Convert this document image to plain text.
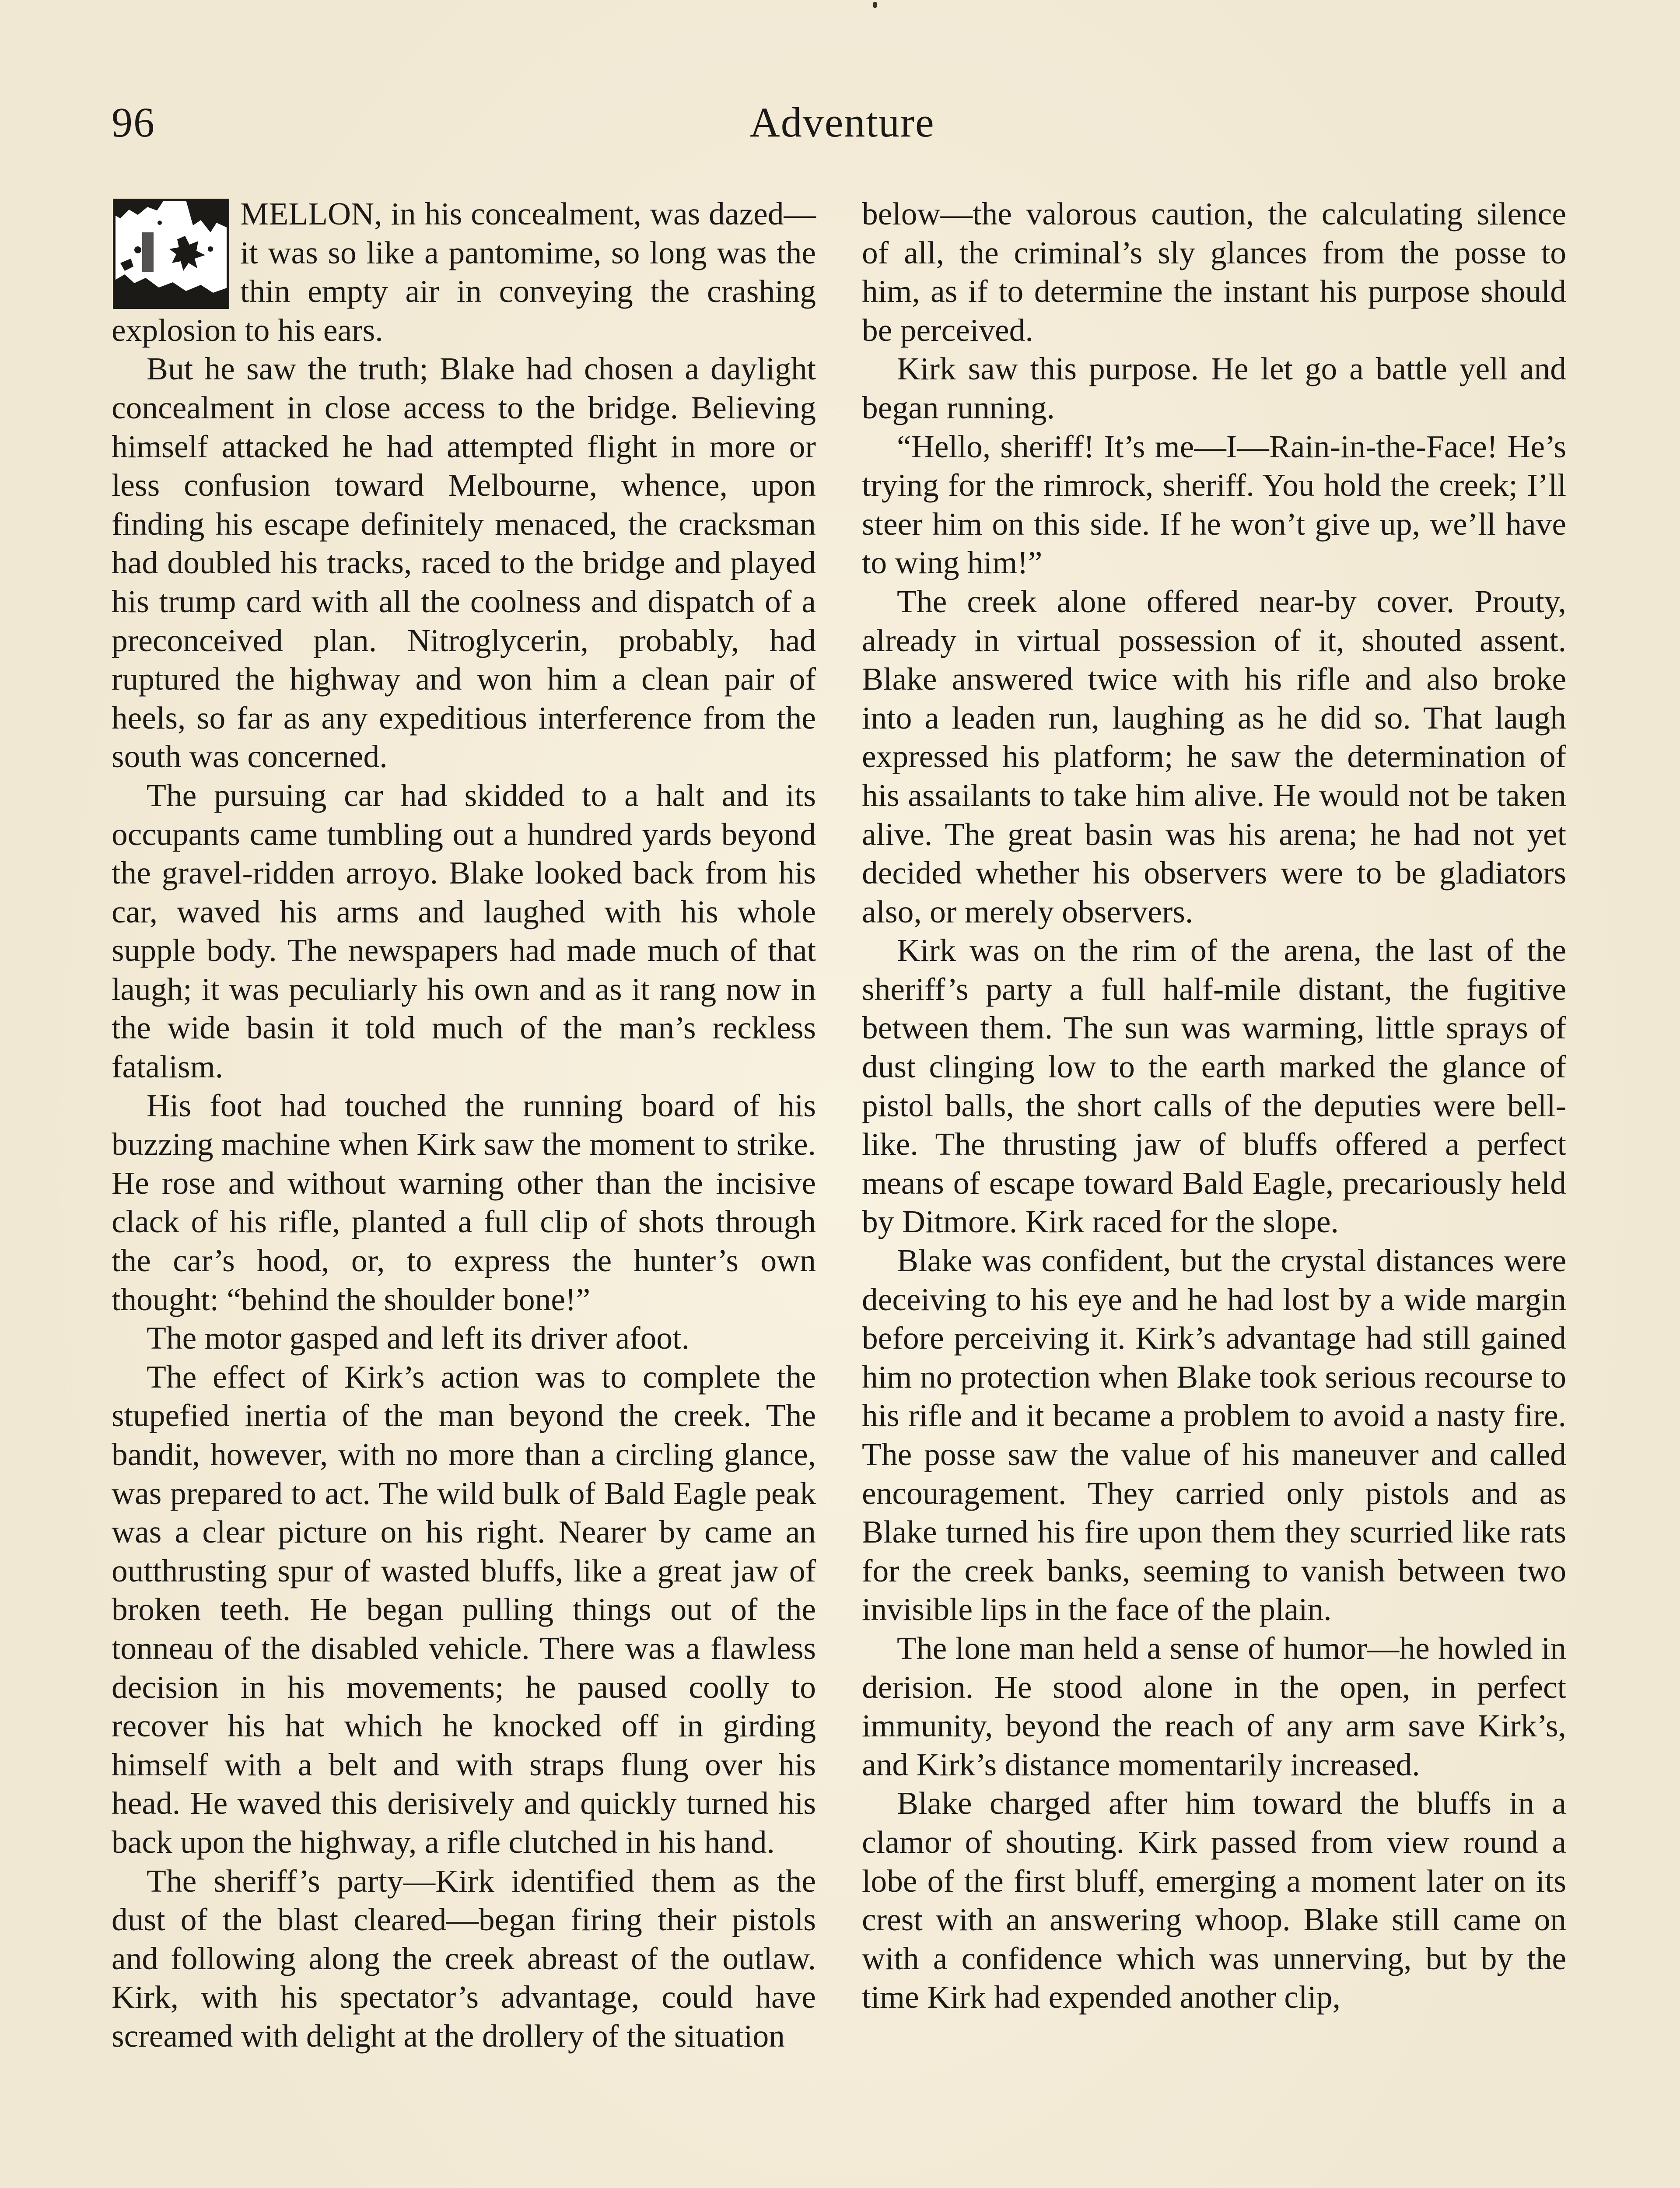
96	Adventure

MELLON, in his concealment, was dazed—it was so like a pantomime, so long was the thin empty air in conveying the crashing explosion to his ears.

But he saw the truth; Blake had chosen a daylight concealment in close access to the bridge. Believing himself attacked he had attempted flight in more or less confusion toward Melbourne, whence, upon finding his escape definitely menaced, the cracksman had doubled his tracks, raced to the bridge and played his trump card with all the coolness and dispatch of a preconceived plan. Nitroglycerin, probably, had ruptured the highway and won him a clean pair of heels, so far as any expeditious interference from the south was concerned.

The pursuing car had skidded to a halt and its occupants came tumbling out a hundred yards beyond the gravel-ridden arroyo. Blake looked back from his car, waved his arms and laughed with his whole supple body. The newspapers had made much of that laugh; it was peculiarly his own and as it rang now in the wide basin it told much of the man’s reckless fatalism.

His foot had touched the running board of his buzzing machine when Kirk saw the moment to strike. He rose and without warning other than the incisive clack of his rifle, planted a full clip of shots through the car’s hood, or, to express the hunter’s own thought: “behind the shoulder bone!”

The motor gasped and left its driver afoot.

The effect of Kirk’s action was to complete the stupefied inertia of the man beyond the creek. The bandit, however, with no more than a circling glance, was prepared to act. The wild bulk of Bald Eagle peak was a clear picture on his right. Nearer by came an outthrusting spur of wasted bluffs, like a great jaw of broken teeth. He began pulling things out of the tonneau of the disabled vehicle. There was a flawless decision in his movements; he paused coolly to recover his hat which he knocked off in girding himself with a belt and with straps flung over his head. He waved this derisively and quickly turned his back upon the highway, a rifle clutched in his hand.

The sheriff’s party—Kirk identified them as the dust of the blast cleared—began firing their pistols and following along the creek abreast of the outlaw. Kirk, with his spectator’s advantage, could have screamed with delight at the drollery of the situation

below—the valorous caution, the calculating silence of all, the criminal’s sly glances from the posse to him, as if to determine the instant his purpose should be perceived.

Kirk saw this purpose. He let go a battle yell and began running.

“Hello, sheriff! It’s me—I—Rain-in-the-Face! He’s trying for the rimrock, sheriff. You hold the creek; I’ll steer him on this side. If he won’t give up, we’ll have to wing him!”

The creek alone offered near-by cover. Prouty, already in virtual possession of it, shouted assent. Blake answered twice with his rifle and also broke into a leaden run, laughing as he did so. That laugh expressed his platform; he saw the determination of his assailants to take him alive. He would not be taken alive. The great basin was his arena; he had not yet decided whether his observers were to be gladiators also, or merely observers.

Kirk was on the rim of the arena, the last of the sheriff’s party a full half-mile distant, the fugitive between them. The sun was warming, little sprays of dust clinging low to the earth marked the glance of pistol balls, the short calls of the deputies were bell-like. The thrusting jaw of bluffs offered a perfect means of escape toward Bald Eagle, precariously held by Ditmore. Kirk raced for the slope.

Blake was confident, but the crystal distances were deceiving to his eye and he had lost by a wide margin before perceiving it. Kirk’s advantage had still gained him no protection when Blake took serious recourse to his rifle and it became a problem to avoid a nasty fire. The posse saw the value of his maneuver and called encouragement. They carried only pistols and as Blake turned his fire upon them they scurried like rats for the creek banks, seeming to vanish between two invisible lips in the face of the plain.

The lone man held a sense of humor—he howled in derision. He stood alone in the open, in perfect immunity, beyond the reach of any arm save Kirk’s, and Kirk’s distance momentarily increased.

Blake charged after him toward the bluffs in a clamor of shouting. Kirk passed from view round a lobe of the first bluff, emerging a moment later on its crest with an answering whoop. Blake still came on with a confidence which was unnerving, but by the time Kirk had expended another clip,
